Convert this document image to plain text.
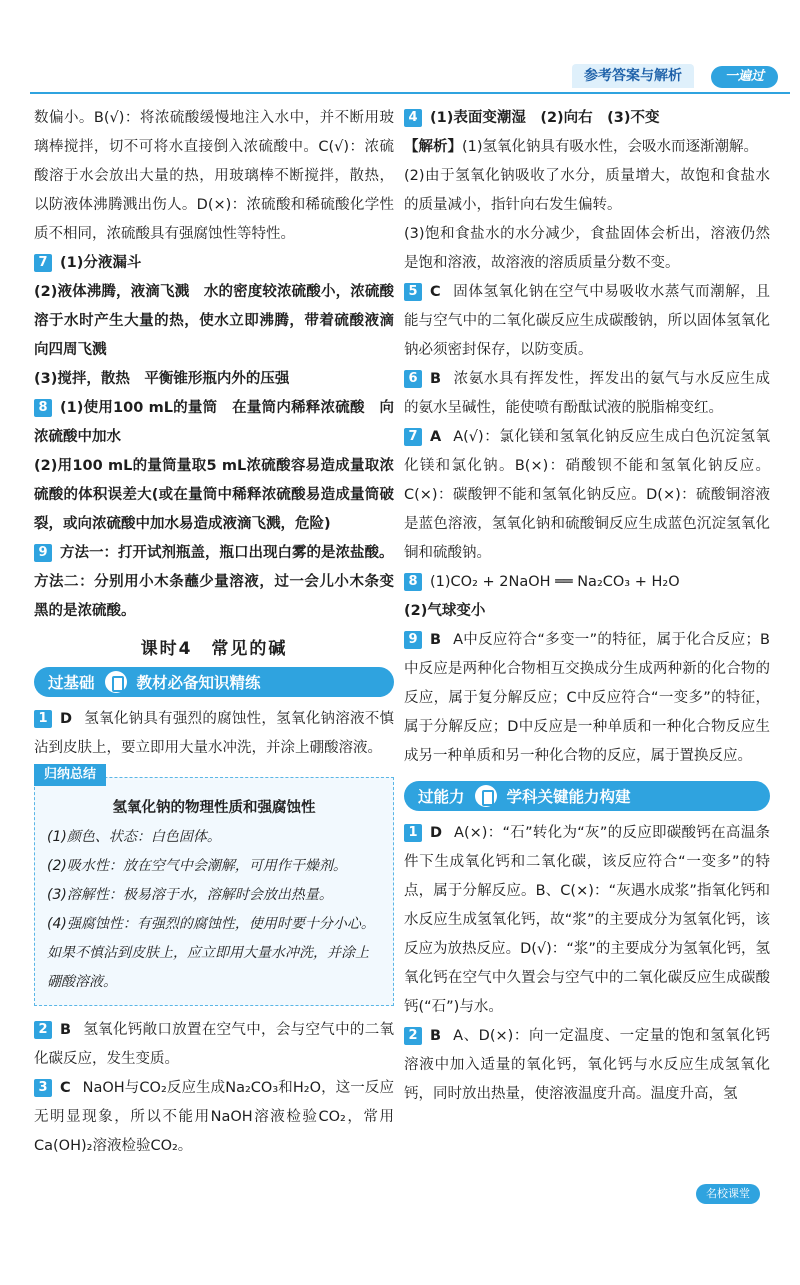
参考答案与解析	一遍过

数偏小。B(√)：将浓硫酸缓慢地注入水中，并不断用玻璃棒搅拌，切不可将水直接倒入浓硫酸中。C(√)：浓硫酸溶于水会放出大量的热，用玻璃棒不断搅拌，散热，以防液体沸腾溅出伤人。D(×)：浓硫酸和稀硫酸化学性质不相同，浓硫酸具有强腐蚀性等特性。

7 (1)分液漏斗

(2)液体沸腾，液滴飞溅　水的密度较浓硫酸小，浓硫酸溶于水时产生大量的热，使水立即沸腾，带着硫酸液滴向四周飞溅

(3)搅拌，散热　平衡锥形瓶内外的压强

8 (1)使用100 mL的量筒　在量筒内稀释浓硫酸　向浓硫酸中加水

(2)用100 mL的量筒量取5 mL浓硫酸容易造成量取浓硫酸的体积误差大(或在量筒中稀释浓硫酸易造成量筒破裂，或向浓硫酸中加水易造成液滴飞溅，危险)

9 方法一：打开试剂瓶盖，瓶口出现白雾的是浓盐酸。

方法二：分别用小木条蘸少量溶液，过一会儿小木条变黑的是浓硫酸。

课时4　常见的碱
过基础	教材必备知识精练

1 D 氢氧化钠具有强烈的腐蚀性，氢氧化钠溶液不慎沾到皮肤上，要立即用大量水冲洗，并涂上硼酸溶液。

归纳总结
氢氧化钠的物理性质和强腐蚀性

(1)颜色、状态：白色固体。

(2)吸水性：放在空气中会潮解，可用作干燥剂。

(3)溶解性：极易溶于水，溶解时会放出热量。

(4)强腐蚀性：有强烈的腐蚀性，使用时要十分小心。如果不慎沾到皮肤上，应立即用大量水冲洗，并涂上硼酸溶液。

2 B 氢氧化钙敞口放置在空气中，会与空气中的二氧化碳反应，发生变质。

3 C NaOH与CO₂反应生成Na₂CO₃和H₂O，这一反应无明显现象，所以不能用NaOH溶液检验CO₂，常用Ca(OH)₂溶液检验CO₂。

4 (1)表面变潮湿　(2)向右　(3)不变

【解析】(1)氢氧化钠具有吸水性，会吸水而逐渐潮解。

(2)由于氢氧化钠吸收了水分，质量增大，故饱和食盐水的质量减小，指针向右发生偏转。

(3)饱和食盐水的水分减少，食盐固体会析出，溶液仍然是饱和溶液，故溶液的溶质质量分数不变。

5 C 固体氢氧化钠在空气中易吸收水蒸气而潮解，且能与空气中的二氧化碳反应生成碳酸钠，所以固体氢氧化钠必须密封保存，以防变质。

6 B 浓氨水具有挥发性，挥发出的氨气与水反应生成的氨水呈碱性，能使喷有酚酞试液的脱脂棉变红。

7 A A(√)：氯化镁和氢氧化钠反应生成白色沉淀氢氧化镁和氯化钠。B(×)：硝酸钡不能和氢氧化钠反应。C(×)：碳酸钾不能和氢氧化钠反应。D(×)：硫酸铜溶液是蓝色溶液，氢氧化钠和硫酸铜反应生成蓝色沉淀氢氧化铜和硫酸钠。

8 (1)CO₂ + 2NaOH ══ Na₂CO₃ + H₂O

(2)气球变小

9 B A中反应符合“多变一”的特征，属于化合反应；B中反应是两种化合物相互交换成分生成两种新的化合物的反应，属于复分解反应；C中反应符合“一变多”的特征，属于分解反应；D中反应是一种单质和一种化合物反应生成另一种单质和另一种化合物的反应，属于置换反应。

过能力	学科关键能力构建

1 D A(×)：“石”转化为“灰”的反应即碳酸钙在高温条件下生成氧化钙和二氧化碳，该反应符合“一变多”的特点，属于分解反应。B、C(×)：“灰遇水成浆”指氧化钙和水反应生成氢氧化钙，故“浆”的主要成分为氢氧化钙，该反应为放热反应。D(√)：“浆”的主要成分为氢氧化钙，氢氧化钙在空气中久置会与空气中的二氧化碳反应生成碳酸钙(“石”)与水。

2 B A、D(×)：向一定温度、一定量的饱和氢氧化钙溶液中加入适量的氧化钙，氧化钙与水反应生成氢氧化钙，同时放出热量，使溶液温度升高。温度升高，氢

名校课堂
